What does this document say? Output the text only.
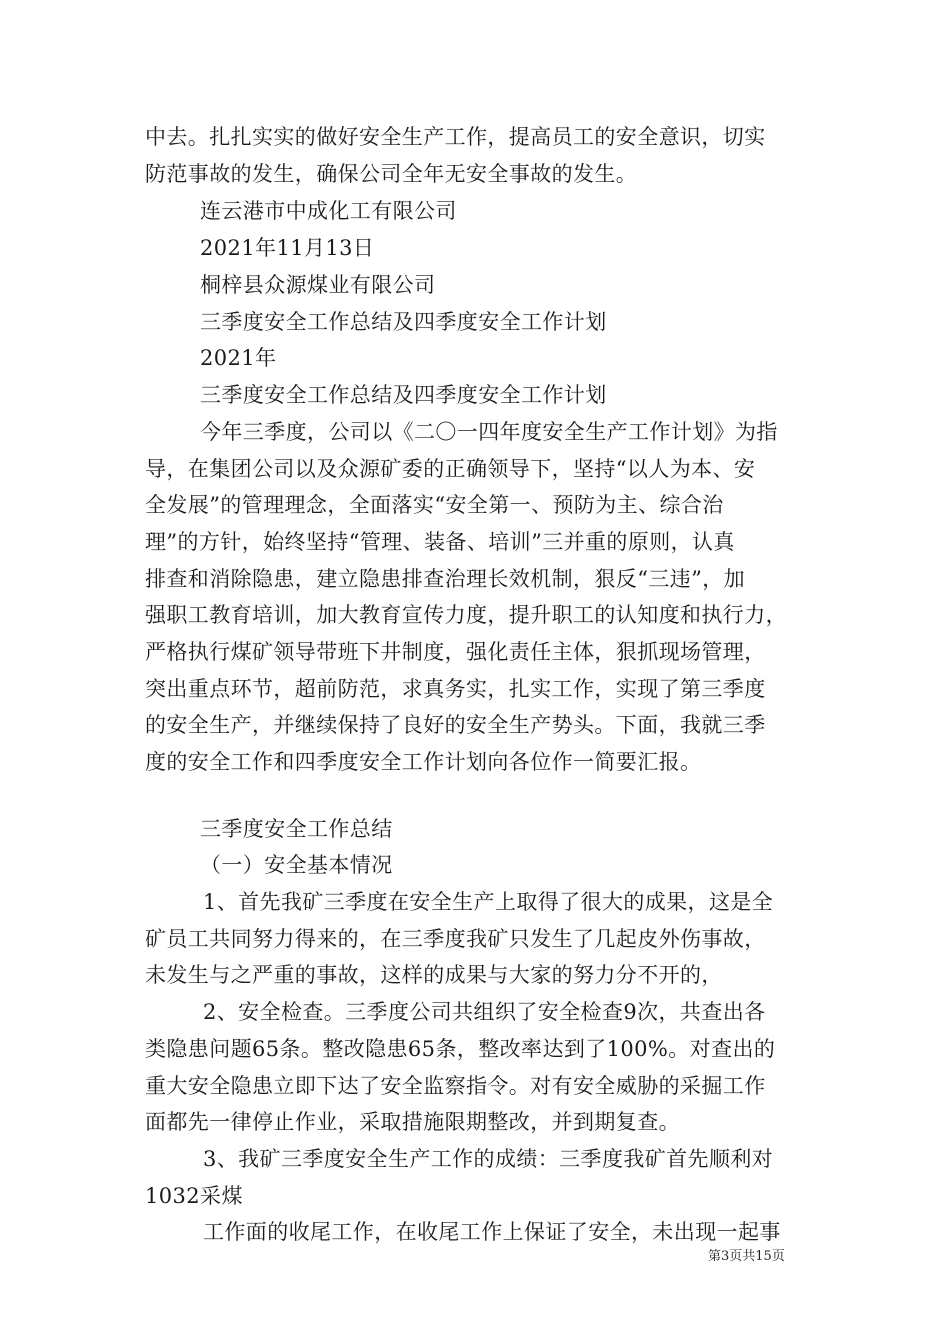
中去。扎扎实实的做好安全生产工作，提高员工的安全意识，切实
防范事故的发生，确保公司全年无安全事故的发生。
连云港市中成化工有限公司
2021年11月13日
桐梓县众源煤业有限公司
三季度安全工作总结及四季度安全工作计划
2021年
三季度安全工作总结及四季度安全工作计划
今年三季度，公司以《二〇一四年度安全生产工作计划》为指
导，在集团公司以及众源矿委的正确领导下，坚持“以人为本、安
全发展”的管理理念，全面落实“安全第一、预防为主、综合治
理”的方针，始终坚持“管理、装备、培训”三并重的原则，认真
排查和消除隐患，建立隐患排查治理长效机制，狠反“三违”，加
强职工教育培训，加大教育宣传力度，提升职工的认知度和执行力，
严格执行煤矿领导带班下井制度，强化责任主体，狠抓现场管理，
突出重点环节，超前防范，求真务实，扎实工作，实现了第三季度
的安全生产，并继续保持了良好的安全生产势头。下面，我就三季
度的安全工作和四季度安全工作计划向各位作一简要汇报。
三季度安全工作总结
（一）安全基本情况
1、首先我矿三季度在安全生产上取得了很大的成果，这是全
矿员工共同努力得来的，在三季度我矿只发生了几起皮外伤事故，
未发生与之严重的事故，这样的成果与大家的努力分不开的，
2、安全检查。三季度公司共组织了安全检查9次，共查出各
类隐患问题65条。整改隐患65条，整改率达到了100%。对查出的
重大安全隐患立即下达了安全监察指令。对有安全威胁的采掘工作
面都先一律停止作业，采取措施限期整改，并到期复查。
3、我矿三季度安全生产工作的成绩：三季度我矿首先顺利对
1032采煤
工作面的收尾工作，在收尾工作上保证了安全，未出现一起事
第3页共15页
